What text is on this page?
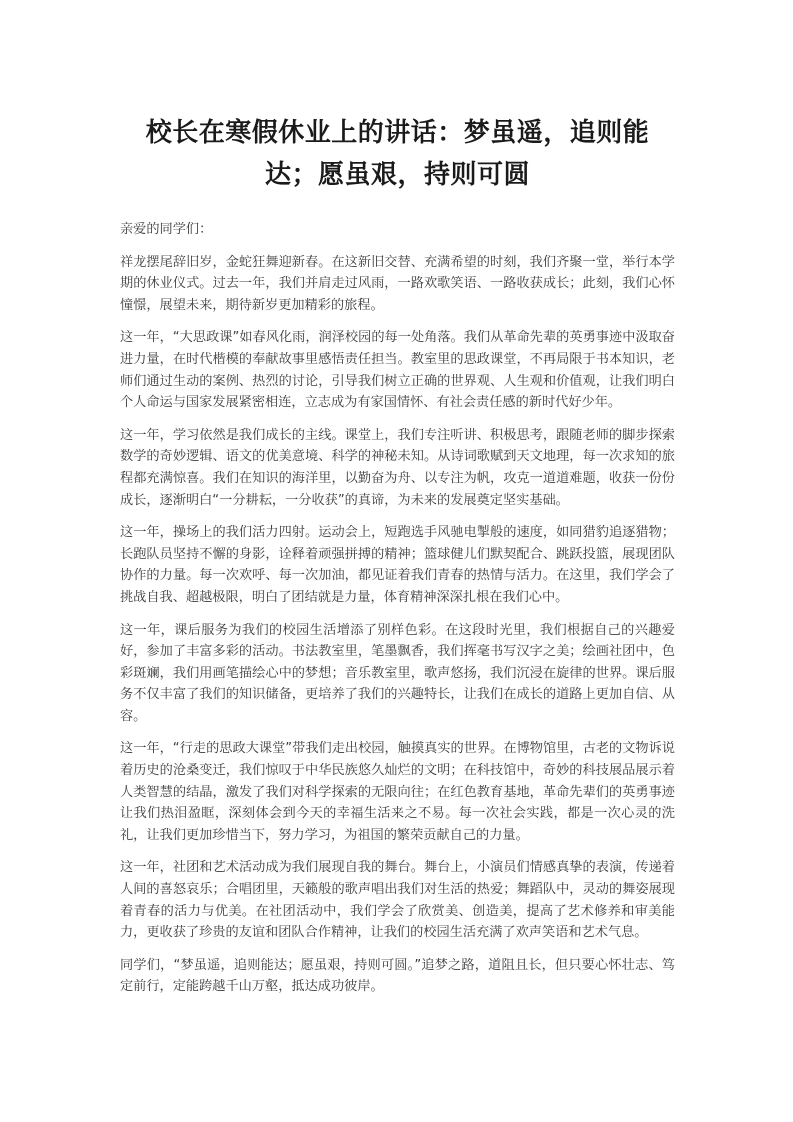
校长在寒假休业上的讲话：梦虽遥，追则能达；愿虽艰，持则可圆

亲爱的同学们：

祥龙摆尾辞旧岁，金蛇狂舞迎新春。在这新旧交替、充满希望的时刻，我们齐聚一堂，举行本学期的休业仪式。过去一年，我们并肩走过风雨，一路欢歌笑语、一路收获成长；此刻，我们心怀憧憬，展望未来，期待新岁更加精彩的旅程。

这一年，“大思政课”如春风化雨，润泽校园的每一处角落。我们从革命先辈的英勇事迹中汲取奋进力量，在时代楷模的奉献故事里感悟责任担当。教室里的思政课堂，不再局限于书本知识，老师们通过生动的案例、热烈的讨论，引导我们树立正确的世界观、人生观和价值观，让我们明白个人命运与国家发展紧密相连，立志成为有家国情怀、有社会责任感的新时代好少年。

这一年，学习依然是我们成长的主线。课堂上，我们专注听讲、积极思考，跟随老师的脚步探索数学的奇妙逻辑、语文的优美意境、科学的神秘未知。从诗词歌赋到天文地理，每一次求知的旅程都充满惊喜。我们在知识的海洋里，以勤奋为舟、以专注为帆，攻克一道道难题，收获一份份成长，逐渐明白“一分耕耘，一分收获”的真谛，为未来的发展奠定坚实基础。

这一年，操场上的我们活力四射。运动会上，短跑选手风驰电掣般的速度，如同猎豹追逐猎物；长跑队员坚持不懈的身影，诠释着顽强拼搏的精神；篮球健儿们默契配合、跳跃投篮，展现团队协作的力量。每一次欢呼、每一次加油，都见证着我们青春的热情与活力。在这里，我们学会了挑战自我、超越极限，明白了团结就是力量，体育精神深深扎根在我们心中。

这一年，课后服务为我们的校园生活增添了别样色彩。在这段时光里，我们根据自己的兴趣爱好，参加了丰富多彩的活动。书法教室里，笔墨飘香，我们挥毫书写汉字之美；绘画社团中，色彩斑斓，我们用画笔描绘心中的梦想；音乐教室里，歌声悠扬，我们沉浸在旋律的世界。课后服务不仅丰富了我们的知识储备，更培养了我们的兴趣特长，让我们在成长的道路上更加自信、从容。

这一年，“行走的思政大课堂”带我们走出校园，触摸真实的世界。在博物馆里，古老的文物诉说着历史的沧桑变迁，我们惊叹于中华民族悠久灿烂的文明；在科技馆中，奇妙的科技展品展示着人类智慧的结晶，激发了我们对科学探索的无限向往；在红色教育基地，革命先辈们的英勇事迹让我们热泪盈眶，深刻体会到今天的幸福生活来之不易。每一次社会实践，都是一次心灵的洗礼，让我们更加珍惜当下，努力学习，为祖国的繁荣贡献自己的力量。

这一年，社团和艺术活动成为我们展现自我的舞台。舞台上，小演员们情感真挚的表演，传递着人间的喜怒哀乐；合唱团里，天籁般的歌声唱出我们对生活的热爱；舞蹈队中，灵动的舞姿展现着青春的活力与优美。在社团活动中，我们学会了欣赏美、创造美，提高了艺术修养和审美能力，更收获了珍贵的友谊和团队合作精神，让我们的校园生活充满了欢声笑语和艺术气息。

同学们，“梦虽遥，追则能达；愿虽艰，持则可圆。”追梦之路，道阻且长，但只要心怀壮志、笃定前行，定能跨越千山万壑，抵达成功彼岸。
